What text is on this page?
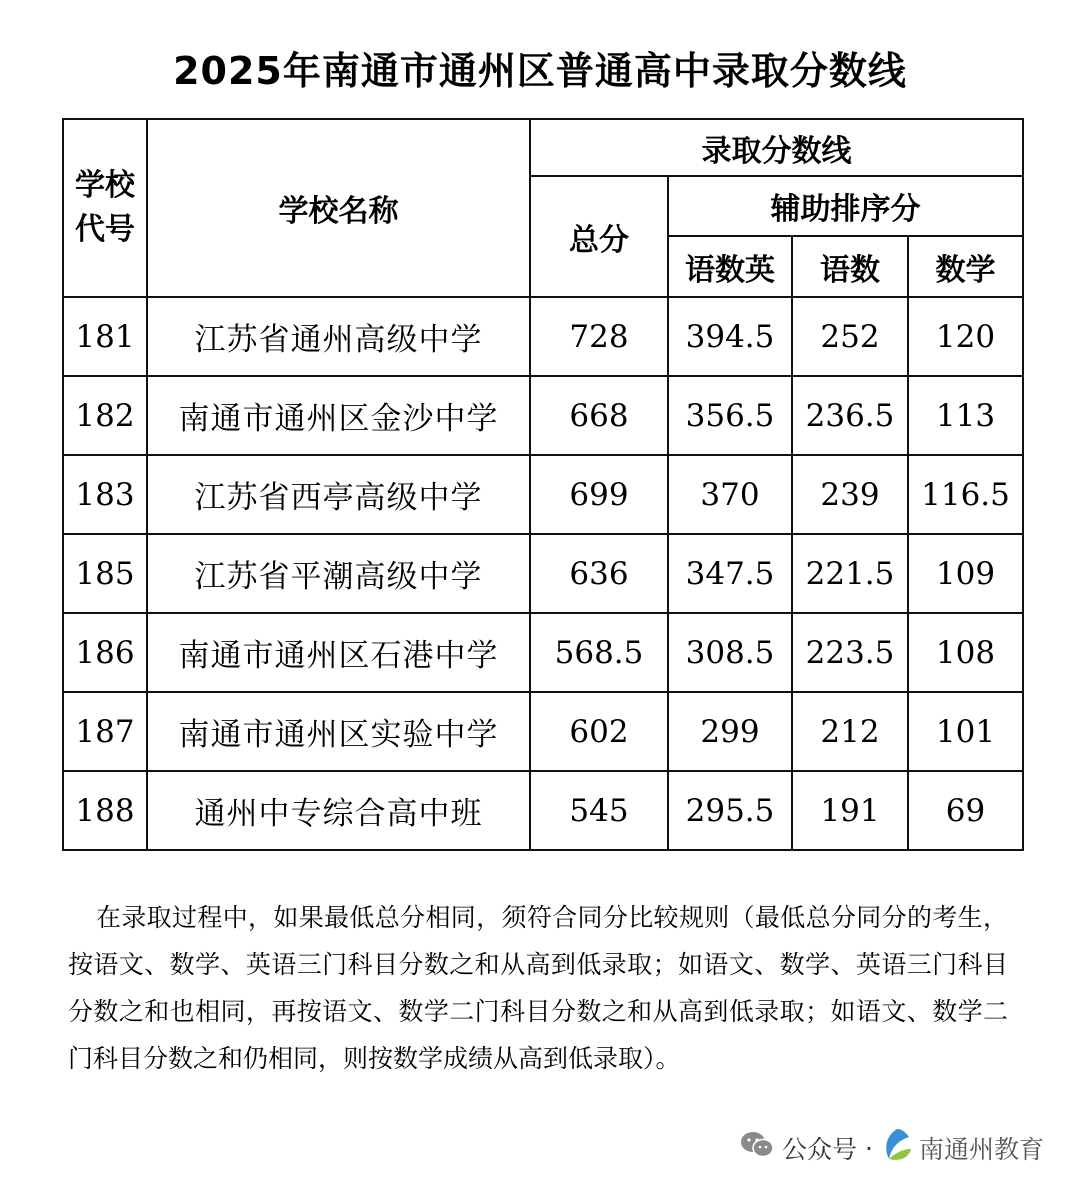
2025年南通市通州区普通高中录取分数线
学校代号	学校名称	录取分数线			
		总分	辅助排序分		
			语数英	语数	数学
181	江苏省通州高级中学	728	394.5	252	120
182	南通市通州区金沙中学	668	356.5	236.5	113
183	江苏省西亭高级中学	699	370	239	116.5
185	江苏省平潮高级中学	636	347.5	221.5	109
186	南通市通州区石港中学	568.5	308.5	223.5	108
187	南通市通州区实验中学	602	299	212	101
188	通州中专综合高中班	545	295.5	191	69

在录取过程中，如果最低总分相同，须符合同分比较规则（最低总分同分的考生，按语文、数学、英语三门科目分数之和从高到低录取；如语文、数学、英语三门科目分数之和也相同，再按语文、数学二门科目分数之和从高到低录取；如语文、数学二门科目分数之和仍相同，则按数学成绩从高到低录取）。

公众号 · 南通州教育
